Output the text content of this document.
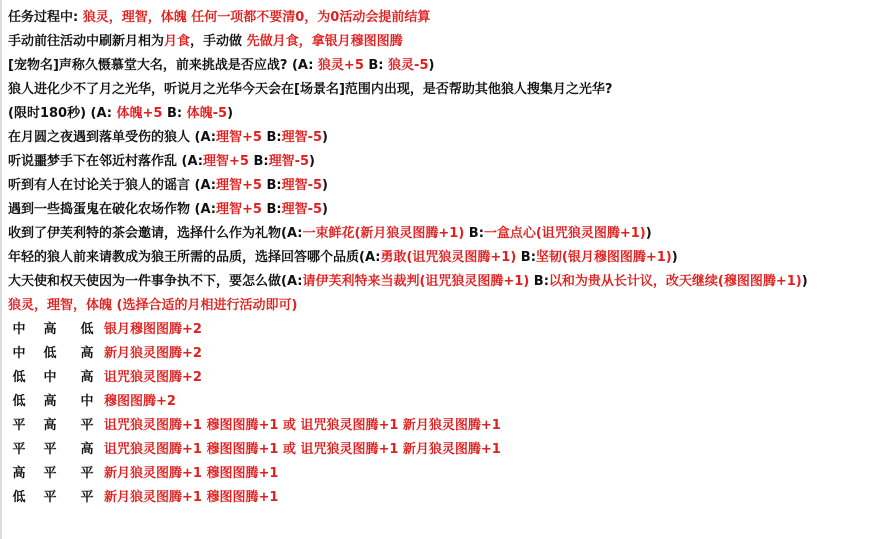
任务过程中: 狼灵，理智，体魄 任何一项都不要清0，为0活动会提前结算
手动前往活动中刷新月相为月食，手动做 先做月食，拿银月穆图图腾
[宠物名]声称久慑慕堂大名，前来挑战是否应战? (A: 狼灵+5 B: 狼灵-5)
狼人进化少不了月之光华，听说月之光华今天会在[场景名]范围内出现，是否帮助其他狼人搜集月之光华?
(限时180秒) (A: 体魄+5 B: 体魄-5)
在月圆之夜遇到落单受伤的狼人 (A:理智+5 B:理智-5)
听说噩梦手下在邻近村落作乱 (A:理智+5 B:理智-5)
听到有人在讨论关于狼人的谣言 (A:理智+5 B:理智-5)
遇到一些捣蛋鬼在破化农场作物 (A:理智+5 B:理智-5)
收到了伊芙利特的茶会邀请，选择什么作为礼物(A:一束鲜花(新月狼灵图腾+1) B:一盒点心(诅咒狼灵图腾+1))
年轻的狼人前来请教成为狼王所需的品质，选择回答哪个品质(A:勇敢(诅咒狼灵图腾+1) B:坚韧(银月穆图图腾+1))
大天使和权天使因为一件事争执不下，要怎么做(A:请伊芙利特来当裁判(诅咒狼灵图腾+1) B:以和为贵从长计议，改天继续(穆图图腾+1))
狼灵，理智，体魄 (选择合适的月相进行活动即可)
中	高	低 银月穆图图腾+2
中	低	高 新月狼灵图腾+2
低	中	高 诅咒狼灵图腾+2
低	高	中 穆图图腾+2
平	高	平 诅咒狼灵图腾+1 穆图图腾+1 或 诅咒狼灵图腾+1 新月狼灵图腾+1
平	平	高 诅咒狼灵图腾+1 穆图图腾+1 或 诅咒狼灵图腾+1 新月狼灵图腾+1
高	平	平 新月狼灵图腾+1 穆图图腾+1
低	平	平 新月狼灵图腾+1 穆图图腾+1
